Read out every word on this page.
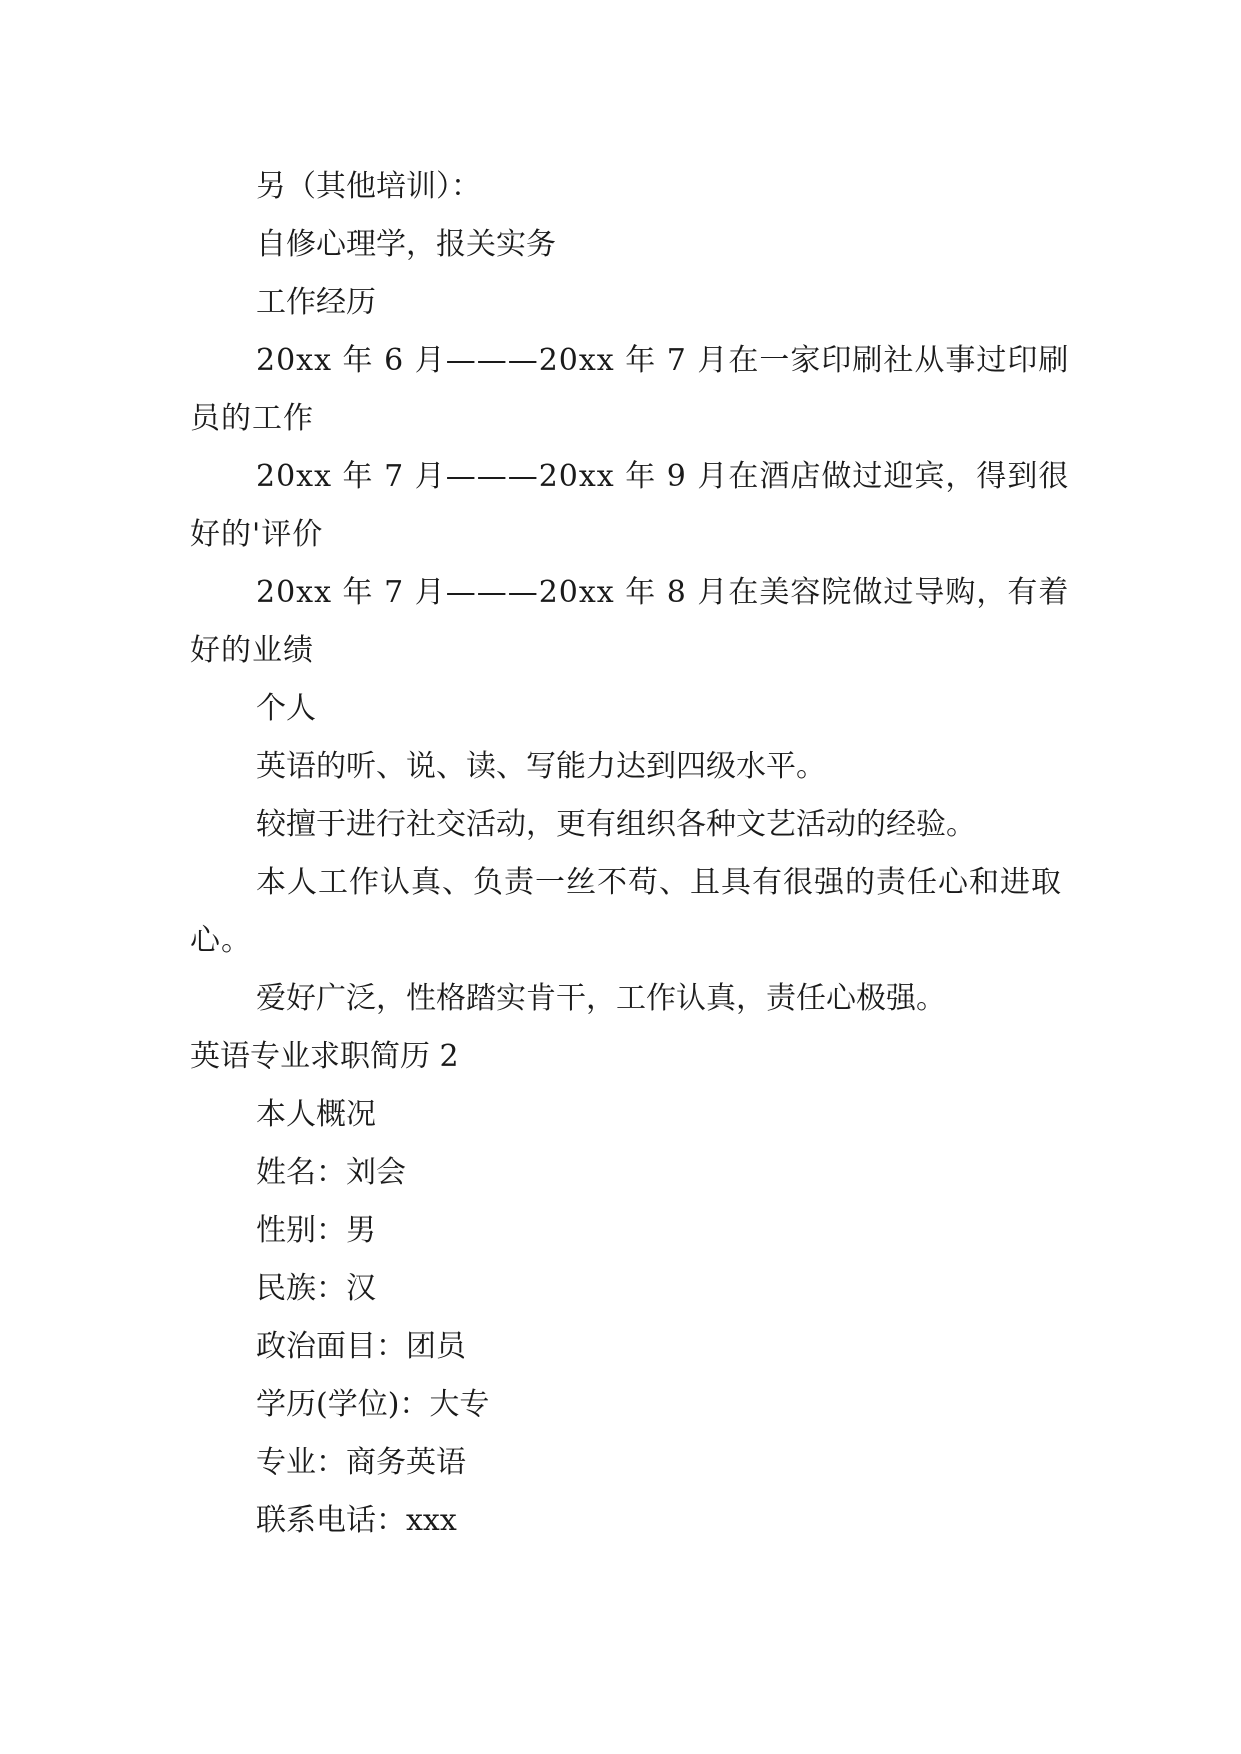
另（其他培训）：

自修心理学，报关实务

工作经历

20xx 年 6 月———20xx 年 7 月在一家印刷社从事过印刷员的工作

20xx 年 7 月———20xx 年 9 月在酒店做过迎宾，得到很好的'评价

20xx 年 7 月———20xx 年 8 月在美容院做过导购，有着好的业绩

个人

英语的听、说、读、写能力达到四级水平。

较擅于进行社交活动，更有组织各种文艺活动的经验。

本人工作认真、负责一丝不苟、且具有很强的责任心和进取心。

爱好广泛，性格踏实肯干，工作认真，责任心极强。

英语专业求职简历 2

本人概况

姓名：刘会

性别：男

民族：汉

政治面目：团员

学历(学位)：大专

专业：商务英语

联系电话：xxx
